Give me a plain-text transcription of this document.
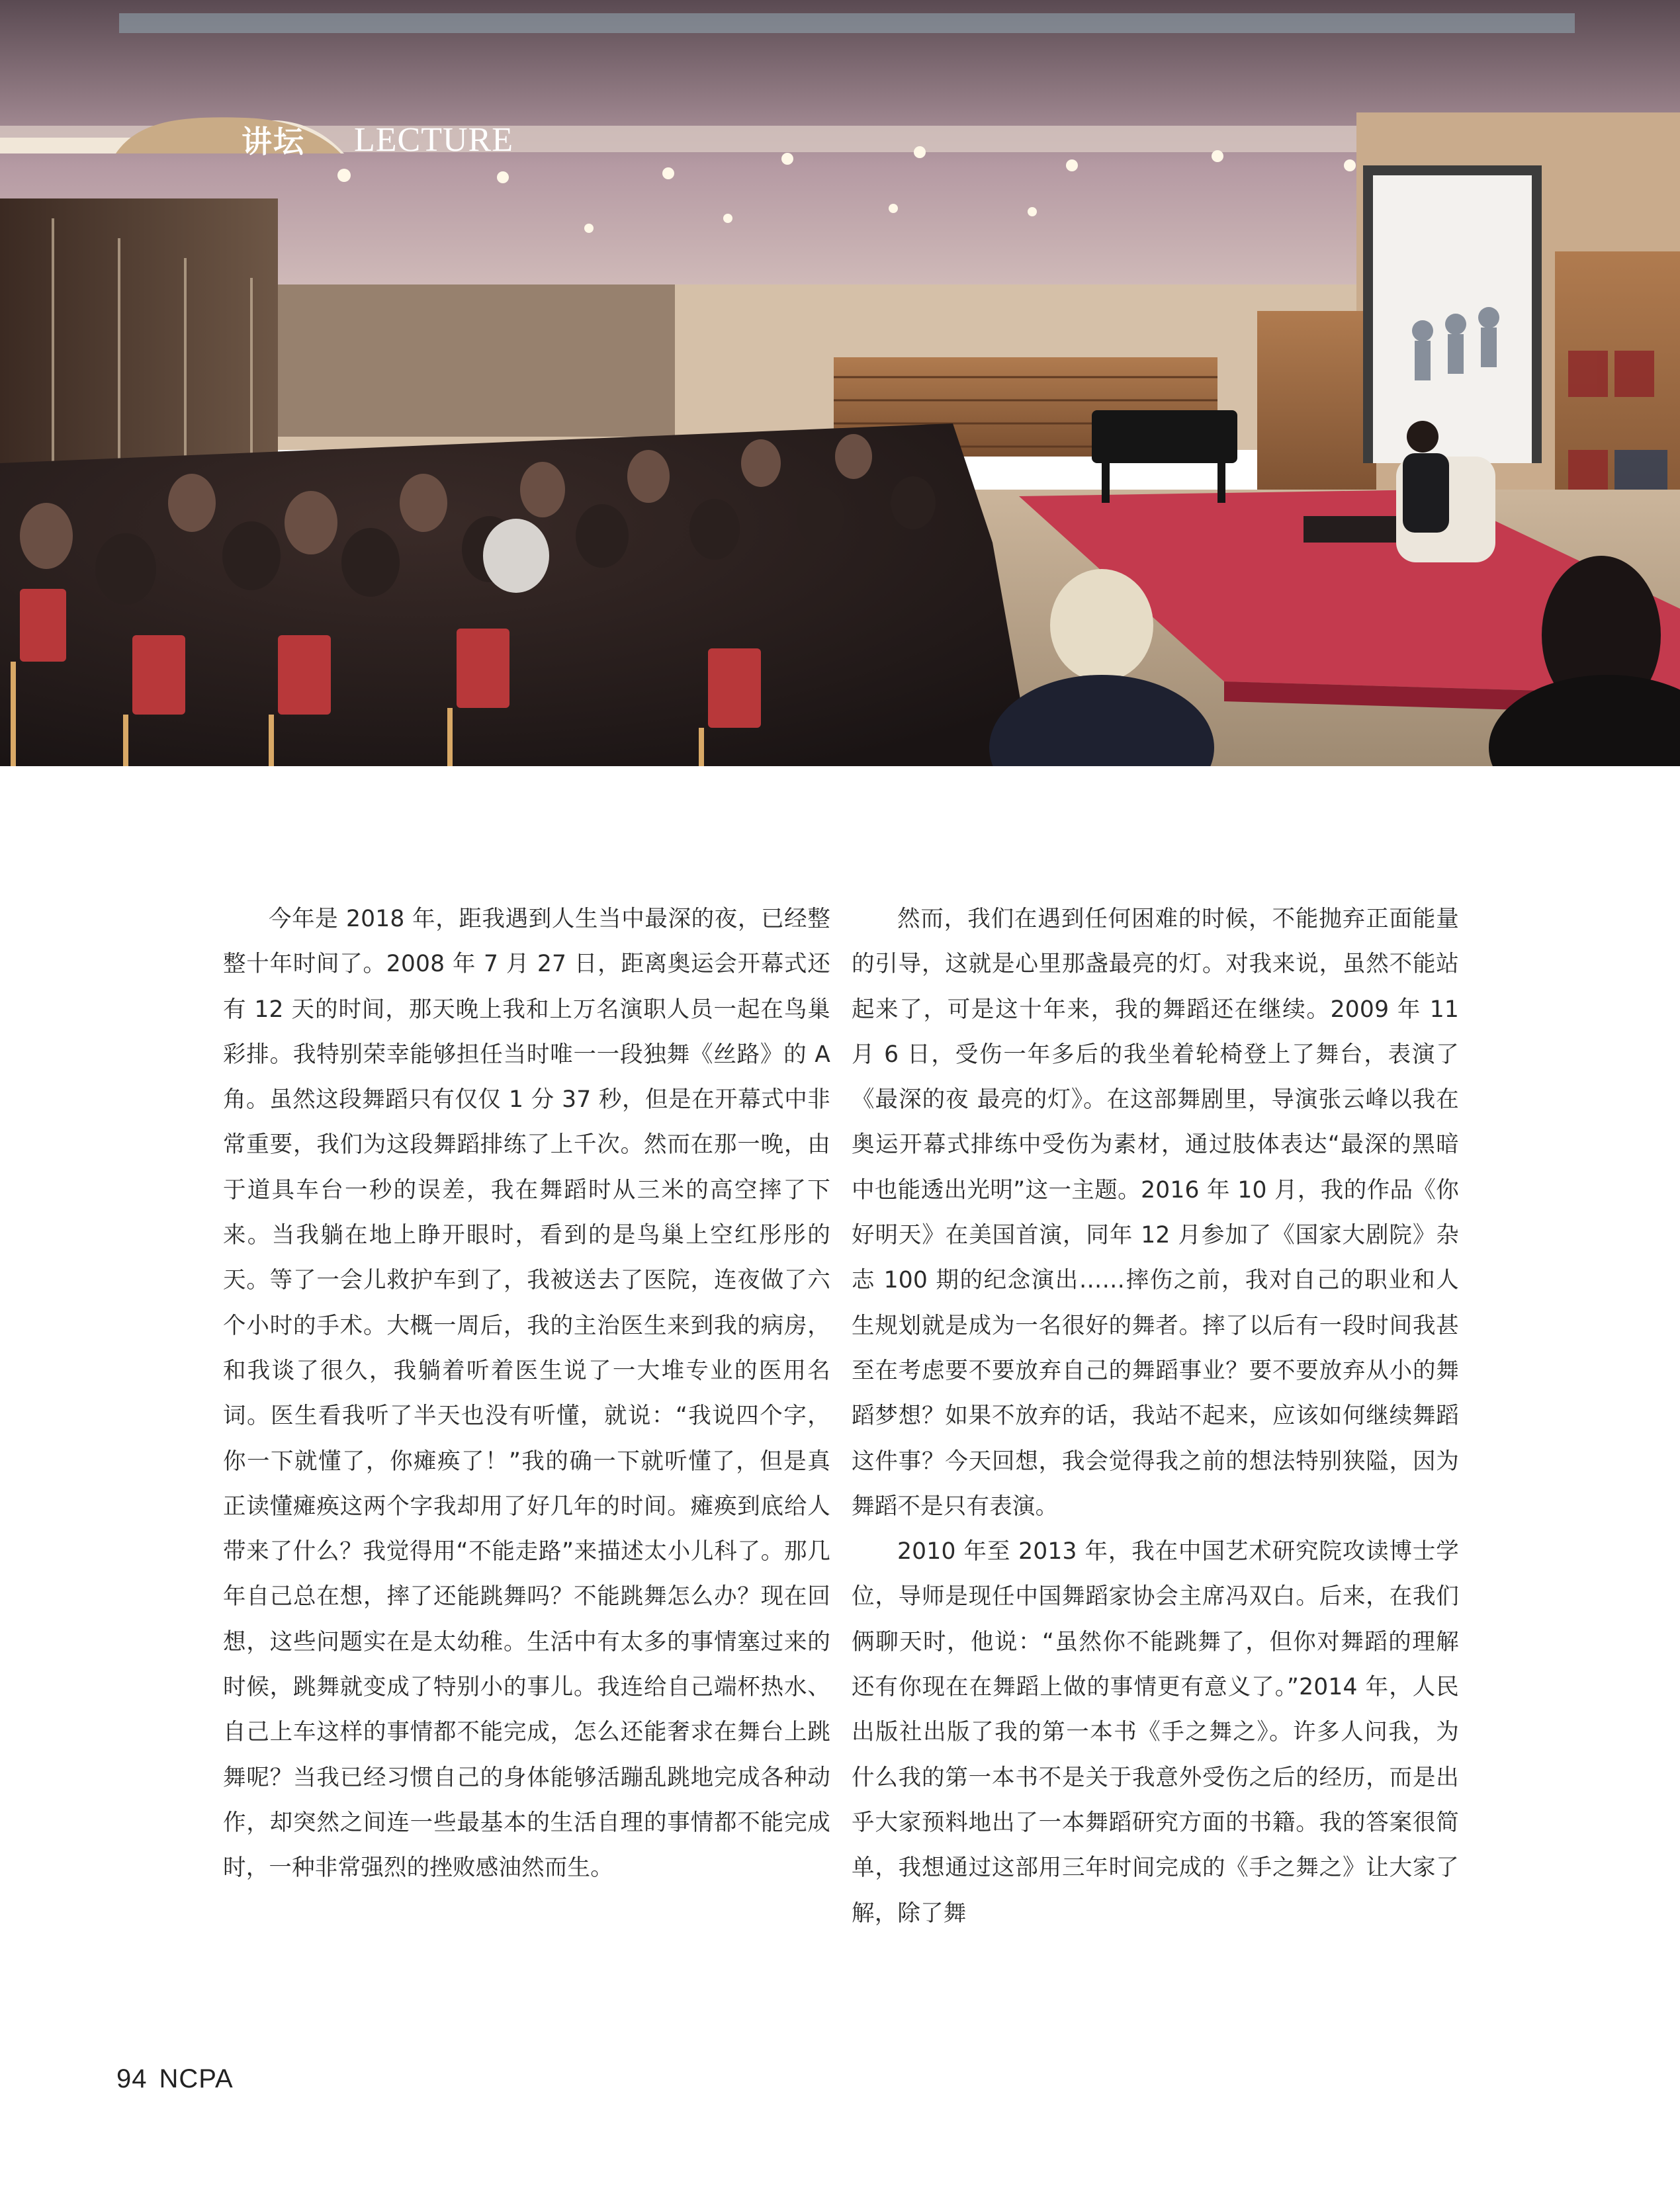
讲坛 LECTURE

今年是 2018 年，距我遇到人生当中最深的夜，已经整整十年时间了。2008 年 7 月 27 日，距离奥运会开幕式还有 12 天的时间，那天晚上我和上万名演职人员一起在鸟巢彩排。我特别荣幸能够担任当时唯一一段独舞《丝路》的 A 角。虽然这段舞蹈只有仅仅 1 分 37 秒，但是在开幕式中非常重要，我们为这段舞蹈排练了上千次。然而在那一晚，由于道具车台一秒的误差，我在舞蹈时从三米的高空摔了下来。当我躺在地上睁开眼时，看到的是鸟巢上空红彤彤的天。等了一会儿救护车到了，我被送去了医院，连夜做了六个小时的手术。大概一周后，我的主治医生来到我的病房，和我谈了很久，我躺着听着医生说了一大堆专业的医用名词。医生看我听了半天也没有听懂，就说：“我说四个字，你一下就懂了，你瘫痪了！”我的确一下就听懂了，但是真正读懂瘫痪这两个字我却用了好几年的时间。瘫痪到底给人带来了什么？我觉得用“不能走路”来描述太小儿科了。那几年自己总在想，摔了还能跳舞吗？不能跳舞怎么办？现在回想，这些问题实在是太幼稚。生活中有太多的事情塞过来的时候，跳舞就变成了特别小的事儿。我连给自己端杯热水、自己上车这样的事情都不能完成，怎么还能奢求在舞台上跳舞呢？当我已经习惯自己的身体能够活蹦乱跳地完成各种动作，却突然之间连一些最基本的生活自理的事情都不能完成时，一种非常强烈的挫败感油然而生。

然而，我们在遇到任何困难的时候，不能抛弃正面能量的引导，这就是心里那盏最亮的灯。对我来说，虽然不能站起来了，可是这十年来，我的舞蹈还在继续。2009 年 11 月 6 日，受伤一年多后的我坐着轮椅登上了舞台，表演了《最深的夜 最亮的灯》。在这部舞剧里，导演张云峰以我在奥运开幕式排练中受伤为素材，通过肢体表达“最深的黑暗中也能透出光明”这一主题。2016 年 10 月，我的作品《你好明天》在美国首演，同年 12 月参加了《国家大剧院》杂志 100 期的纪念演出……摔伤之前，我对自己的职业和人生规划就是成为一名很好的舞者。摔了以后有一段时间我甚至在考虑要不要放弃自己的舞蹈事业？要不要放弃从小的舞蹈梦想？如果不放弃的话，我站不起来，应该如何继续舞蹈这件事？今天回想，我会觉得我之前的想法特别狭隘，因为舞蹈不是只有表演。

2010 年至 2013 年，我在中国艺术研究院攻读博士学位，导师是现任中国舞蹈家协会主席冯双白。后来，在我们俩聊天时，他说：“虽然你不能跳舞了，但你对舞蹈的理解还有你现在在舞蹈上做的事情更有意义了。”2014 年，人民出版社出版了我的第一本书《手之舞之》。许多人问我，为什么我的第一本书不是关于我意外受伤之后的经历，而是出乎大家预料地出了一本舞蹈研究方面的书籍。我的答案很简单，我想通过这部用三年时间完成的《手之舞之》让大家了解，除了舞

94 NCPA
